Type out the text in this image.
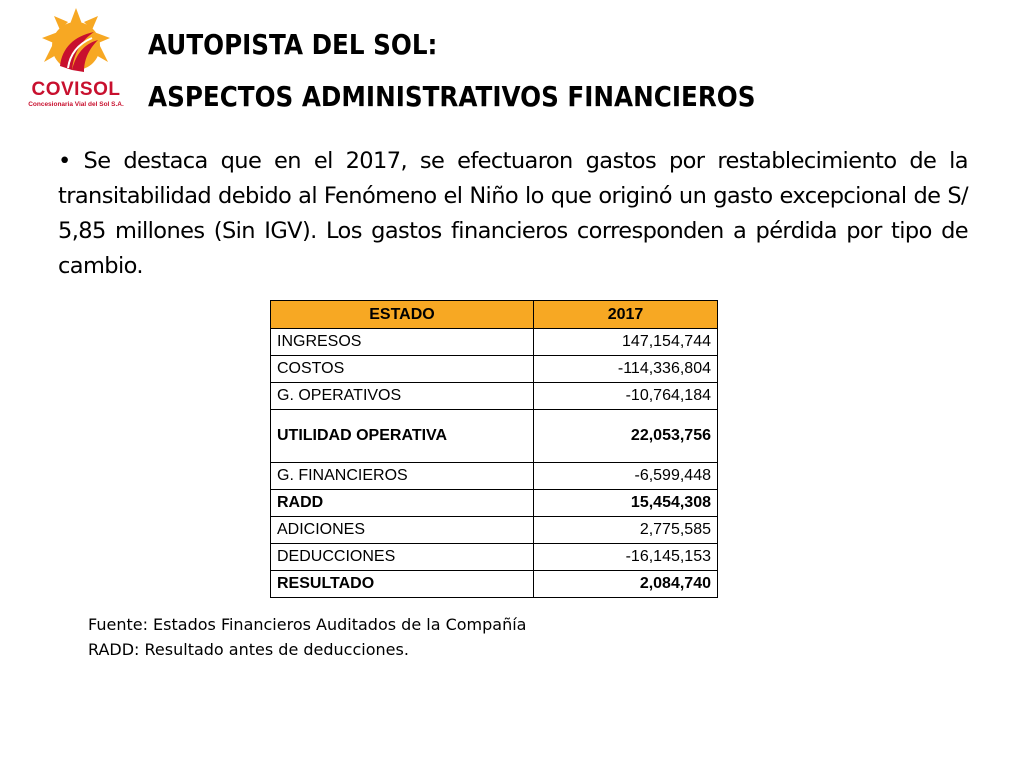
COVISOL
Concesionaria Vial del Sol S.A.
AUTOPISTA DEL SOL:
ASPECTOS ADMINISTRATIVOS FINANCIEROS
• Se destaca que en el 2017, se efectuaron gastos por restablecimiento de la transitabilidad debido al Fenómeno el Niño lo que originó un gasto excepcional de S/ 5,85 millones (Sin IGV). Los gastos financieros corresponden a pérdida por tipo de cambio.
ESTADO	2017
INGRESOS	147,154,744
COSTOS	-114,336,804
G. OPERATIVOS	-10,764,184
UTILIDAD OPERATIVA	22,053,756
G. FINANCIEROS	-6,599,448
RADD	15,454,308
ADICIONES	2,775,585
DEDUCCIONES	-16,145,153
RESULTADO	2,084,740
Fuente: Estados Financieros Auditados de la Compañía
RADD: Resultado antes de deducciones.
